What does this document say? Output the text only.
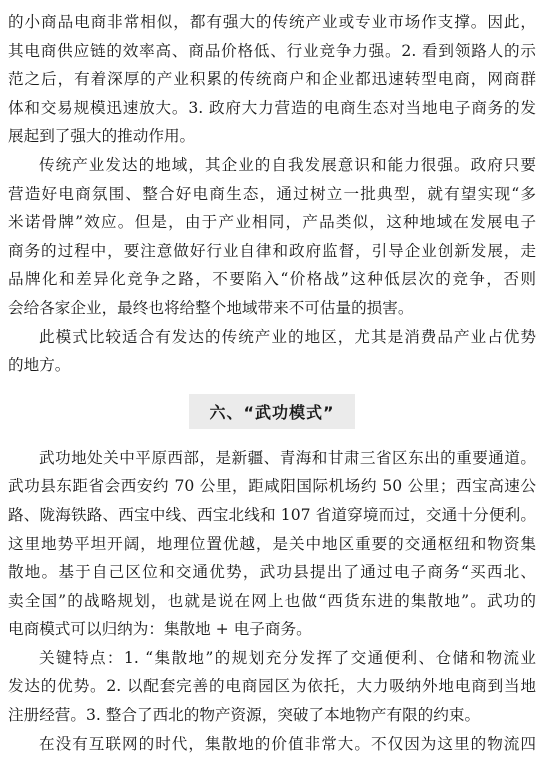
的小商品电商非常相似，都有强大的传统产业或专业市场作支撑。因此，
其电商供应链的效率高、商品价格低、行业竞争力强。2. 看到领路人的示
范之后，有着深厚的产业积累的传统商户和企业都迅速转型电商，网商群
体和交易规模迅速放大。3. 政府大力营造的电商生态对当地电子商务的发
展起到了强大的推动作用。
传统产业发达的地域，其企业的自我发展意识和能力很强。政府只要
营造好电商氛围、整合好电商生态，通过树立一批典型，就有望实现“多
米诺骨牌”效应。但是，由于产业相同，产品类似，这种地域在发展电子
商务的过程中，要注意做好行业自律和政府监督，引导企业创新发展，走
品牌化和差异化竞争之路，不要陷入“价格战”这种低层次的竞争，否则
会给各家企业，最终也将给整个地域带来不可估量的损害。
此模式比较适合有发达的传统产业的地区，尤其是消费品产业占优势
的地方。
六、“武功模式”
武功地处关中平原西部，是新疆、青海和甘肃三省区东出的重要通道。
武功县东距省会西安约 70 公里，距咸阳国际机场约 50 公里；西宝高速公
路、陇海铁路、西宝中线、西宝北线和 107 省道穿境而过，交通十分便利。
这里地势平坦开阔，地理位置优越，是关中地区重要的交通枢纽和物资集
散地。基于自己区位和交通优势，武功县提出了通过电子商务“买西北、
卖全国”的战略规划，也就是说在网上也做“西货东进的集散地”。武功的
电商模式可以归纳为：集散地 + 电子商务。
关键特点：1. “集散地”的规划充分发挥了交通便利、仓储和物流业
发达的优势。2. 以配套完善的电商园区为依托，大力吸纳外地电商到当地
注册经营。3. 整合了西北的物产资源，突破了本地物产有限的约束。
在没有互联网的时代，集散地的价值非常大。不仅因为这里的物流四
